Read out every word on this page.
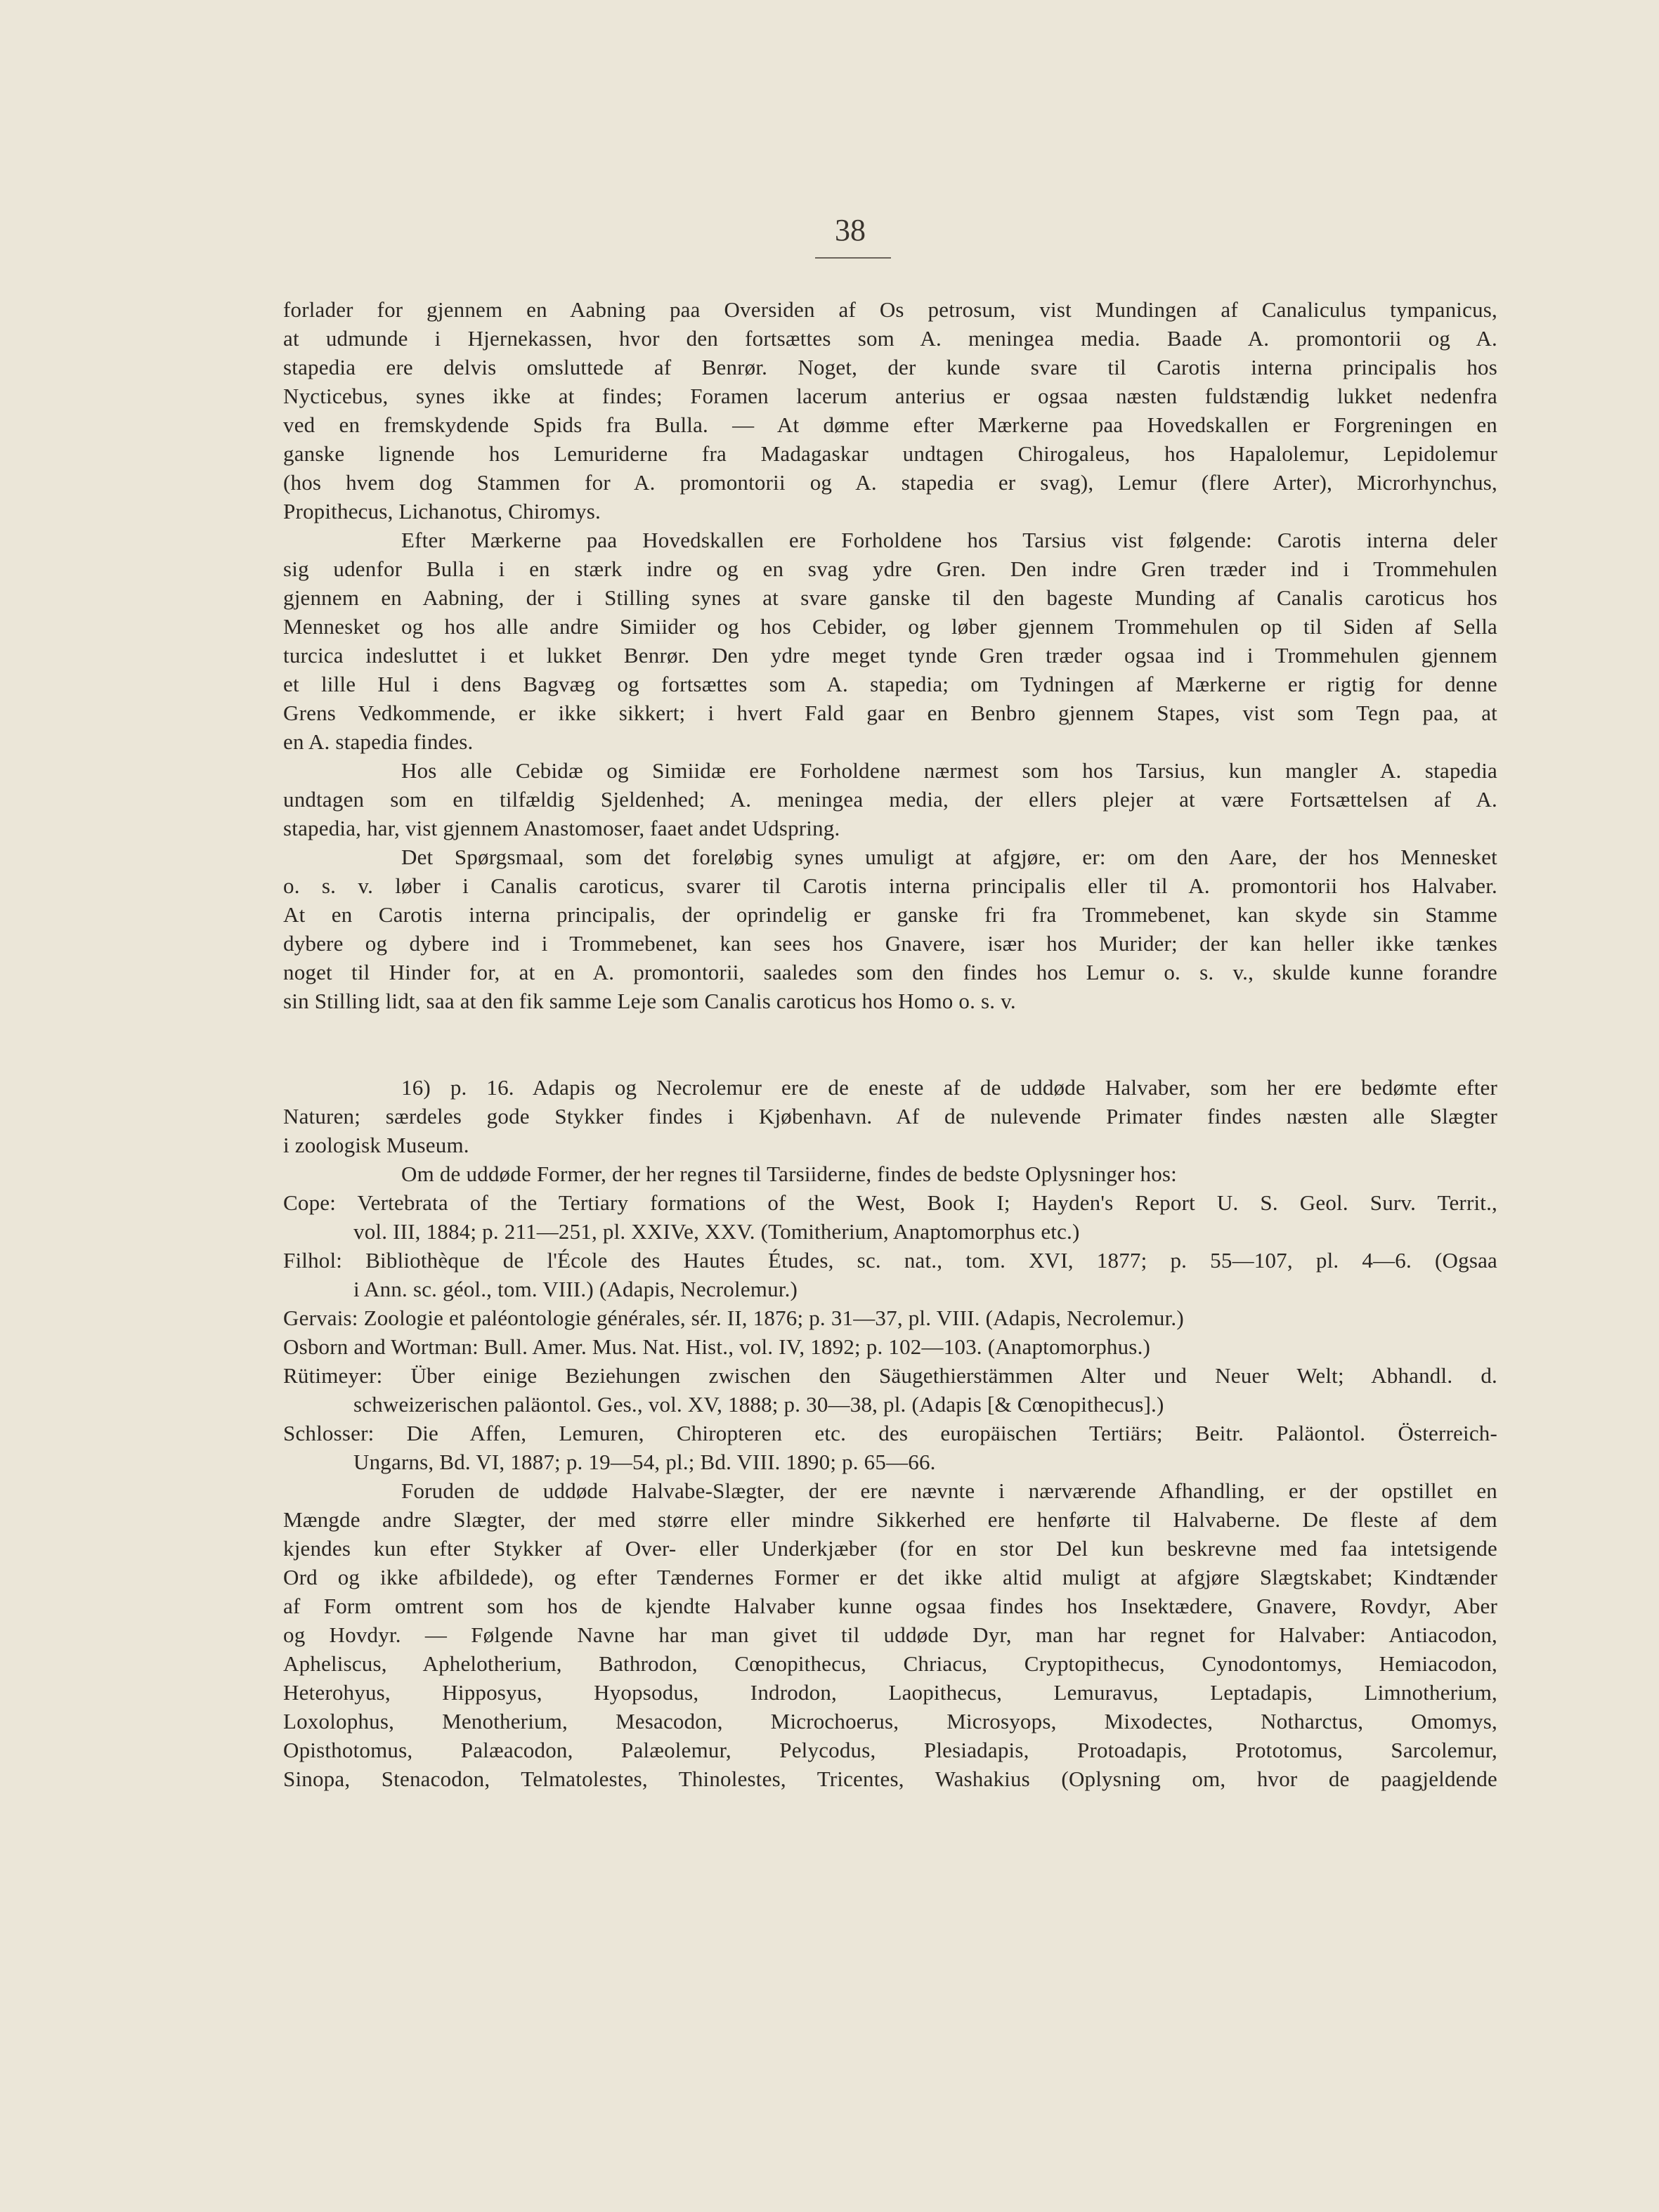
38
forlader for gjennem en Aabning paa Oversiden af Os petrosum, vist Mundingen af Canaliculus tympanicus,
at udmunde i Hjernekassen, hvor den fortsættes som A. meningea media. Baade A. promontorii og A.
stapedia ere delvis omsluttede af Benrør. Noget, der kunde svare til Carotis interna principalis hos
Nycticebus, synes ikke at findes; Foramen lacerum anterius er ogsaa næsten fuldstændig lukket nedenfra
ved en fremskydende Spids fra Bulla. — At dømme efter Mærkerne paa Hovedskallen er Forgreningen en
ganske lignende hos Lemuriderne fra Madagaskar undtagen Chirogaleus, hos Hapalolemur, Lepidolemur
(hos hvem dog Stammen for A. promontorii og A. stapedia er svag), Lemur (flere Arter), Microrhynchus,
Propithecus, Lichanotus, Chiromys.
Efter Mærkerne paa Hovedskallen ere Forholdene hos Tarsius vist følgende: Carotis interna deler
sig udenfor Bulla i en stærk indre og en svag ydre Gren. Den indre Gren træder ind i Trommehulen
gjennem en Aabning, der i Stilling synes at svare ganske til den bageste Munding af Canalis caroticus hos
Mennesket og hos alle andre Simiider og hos Cebider, og løber gjennem Trommehulen op til Siden af Sella
turcica indesluttet i et lukket Benrør. Den ydre meget tynde Gren træder ogsaa ind i Trommehulen gjennem
et lille Hul i dens Bagvæg og fortsættes som A. stapedia; om Tydningen af Mærkerne er rigtig for denne
Grens Vedkommende, er ikke sikkert; i hvert Fald gaar en Benbro gjennem Stapes, vist som Tegn paa, at
en A. stapedia findes.
Hos alle Cebidæ og Simiidæ ere Forholdene nærmest som hos Tarsius, kun mangler A. stapedia
undtagen som en tilfældig Sjeldenhed; A. meningea media, der ellers plejer at være Fortsættelsen af A.
stapedia, har, vist gjennem Anastomoser, faaet andet Udspring.
Det Spørgsmaal, som det foreløbig synes umuligt at afgjøre, er: om den Aare, der hos Mennesket
o. s. v. løber i Canalis caroticus, svarer til Carotis interna principalis eller til A. promontorii hos Halvaber.
At en Carotis interna principalis, der oprindelig er ganske fri fra Trommebenet, kan skyde sin Stamme
dybere og dybere ind i Trommebenet, kan sees hos Gnavere, især hos Murider; der kan heller ikke tænkes
noget til Hinder for, at en A. promontorii, saaledes som den findes hos Lemur o. s. v., skulde kunne forandre
sin Stilling lidt, saa at den fik samme Leje som Canalis caroticus hos Homo o. s. v.
16) p. 16. Adapis og Necrolemur ere de eneste af de uddøde Halvaber, som her ere bedømte efter
Naturen; særdeles gode Stykker findes i Kjøbenhavn. Af de nulevende Primater findes næsten alle Slægter
i zoologisk Museum.
Om de uddøde Former, der her regnes til Tarsiiderne, findes de bedste Oplysninger hos:
Cope: Vertebrata of the Tertiary formations of the West, Book I; Hayden's Report U. S. Geol. Surv. Territ.,
vol. III, 1884; p. 211—251, pl. XXIVe, XXV. (Tomitherium, Anaptomorphus etc.)
Filhol: Bibliothèque de l'École des Hautes Études, sc. nat., tom. XVI, 1877; p. 55—107, pl. 4—6. (Ogsaa
i Ann. sc. géol., tom. VIII.) (Adapis, Necrolemur.)
Gervais: Zoologie et paléontologie générales, sér. II, 1876; p. 31—37, pl. VIII. (Adapis, Necrolemur.)
Osborn and Wortman: Bull. Amer. Mus. Nat. Hist., vol. IV, 1892; p. 102—103. (Anaptomorphus.)
Rütimeyer: Über einige Beziehungen zwischen den Säugethierstämmen Alter und Neuer Welt; Abhandl. d.
schweizerischen paläontol. Ges., vol. XV, 1888; p. 30—38, pl. (Adapis [& Cœnopithecus].)
Schlosser: Die Affen, Lemuren, Chiropteren etc. des europäischen Tertiärs; Beitr. Paläontol. Österreich-
Ungarns, Bd. VI, 1887; p. 19—54, pl.; Bd. VIII. 1890; p. 65—66.
Foruden de uddøde Halvabe-Slægter, der ere nævnte i nærværende Afhandling, er der opstillet en
Mængde andre Slægter, der med større eller mindre Sikkerhed ere henførte til Halvaberne. De fleste af dem
kjendes kun efter Stykker af Over- eller Underkjæber (for en stor Del kun beskrevne med faa intetsigende
Ord og ikke afbildede), og efter Tændernes Former er det ikke altid muligt at afgjøre Slægtskabet; Kindtænder
af Form omtrent som hos de kjendte Halvaber kunne ogsaa findes hos Insektædere, Gnavere, Rovdyr, Aber
og Hovdyr. — Følgende Navne har man givet til uddøde Dyr, man har regnet for Halvaber: Antiacodon,
Apheliscus, Aphelotherium, Bathrodon, Cœnopithecus, Chriacus, Cryptopithecus, Cynodontomys, Hemiacodon,
Heterohyus, Hipposyus, Hyopsodus, Indrodon, Laopithecus, Lemuravus, Leptadapis, Limnotherium,
Loxolophus, Menotherium, Mesacodon, Microchoerus, Microsyops, Mixodectes, Notharctus, Omomys,
Opisthotomus, Palæacodon, Palæolemur, Pelycodus, Plesiadapis, Protoadapis, Prototomus, Sarcolemur,
Sinopa, Stenacodon, Telmatolestes, Thinolestes, Tricentes, Washakius (Oplysning om, hvor de paagjeldende
